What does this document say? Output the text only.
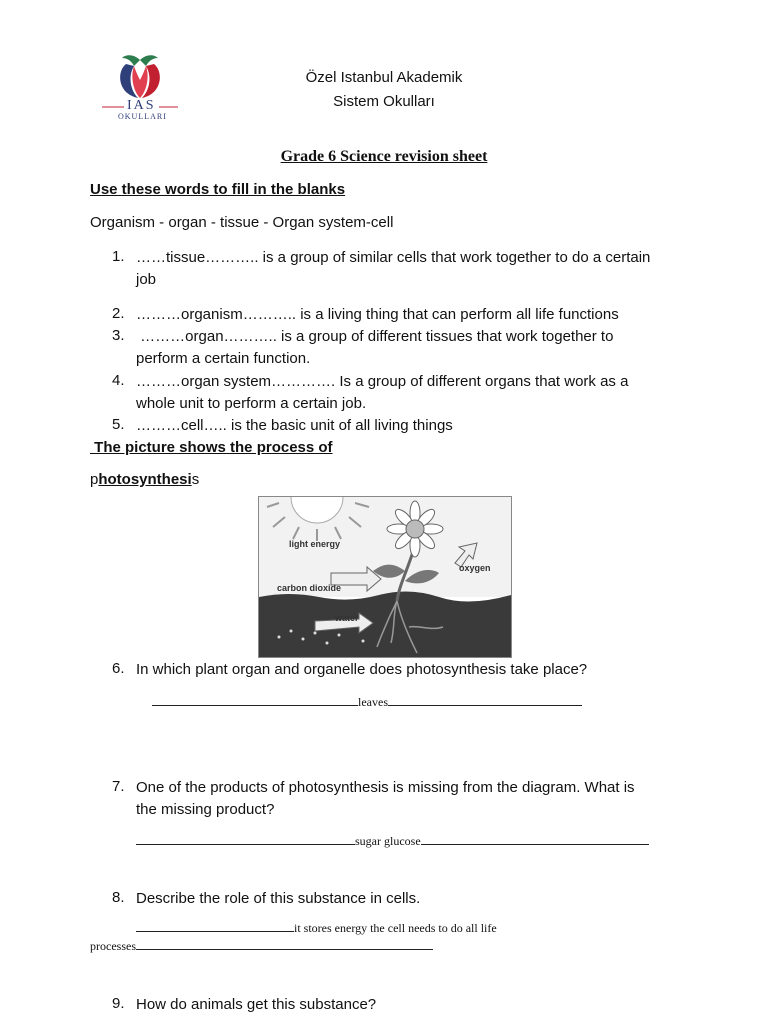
IAS
OKULLARI
Özel Istanbul Akademik
Sistem Okulları
Grade 6 Science revision sheet
Use these words to fill in the blanks
Organism - organ - tissue - Organ system-cell
1. ……tissue……….. is a group of similar cells that work together to do a certain
job
2. ………organism……….. is a living thing that can perform all life functions
3. ………organ……….. is a group of different tissues that work together to
perform a certain function.
4. ………organ system…………. Is a group of different organs that work as a
whole unit to perform a certain job.
5. ………cell….. is the basic unit of all living things
The picture shows the process of
photosynthesis
light energy
carbon dioxide
oxygen
water
6. In which plant organ and organelle does photosynthesis take place?
leaves
7. One of the products of photosynthesis is missing from the diagram. What is
the missing product?
sugar glucose
8. Describe the role of this substance in cells.
it stores energy the cell needs to do all life
processes
9. How do animals get this substance?
